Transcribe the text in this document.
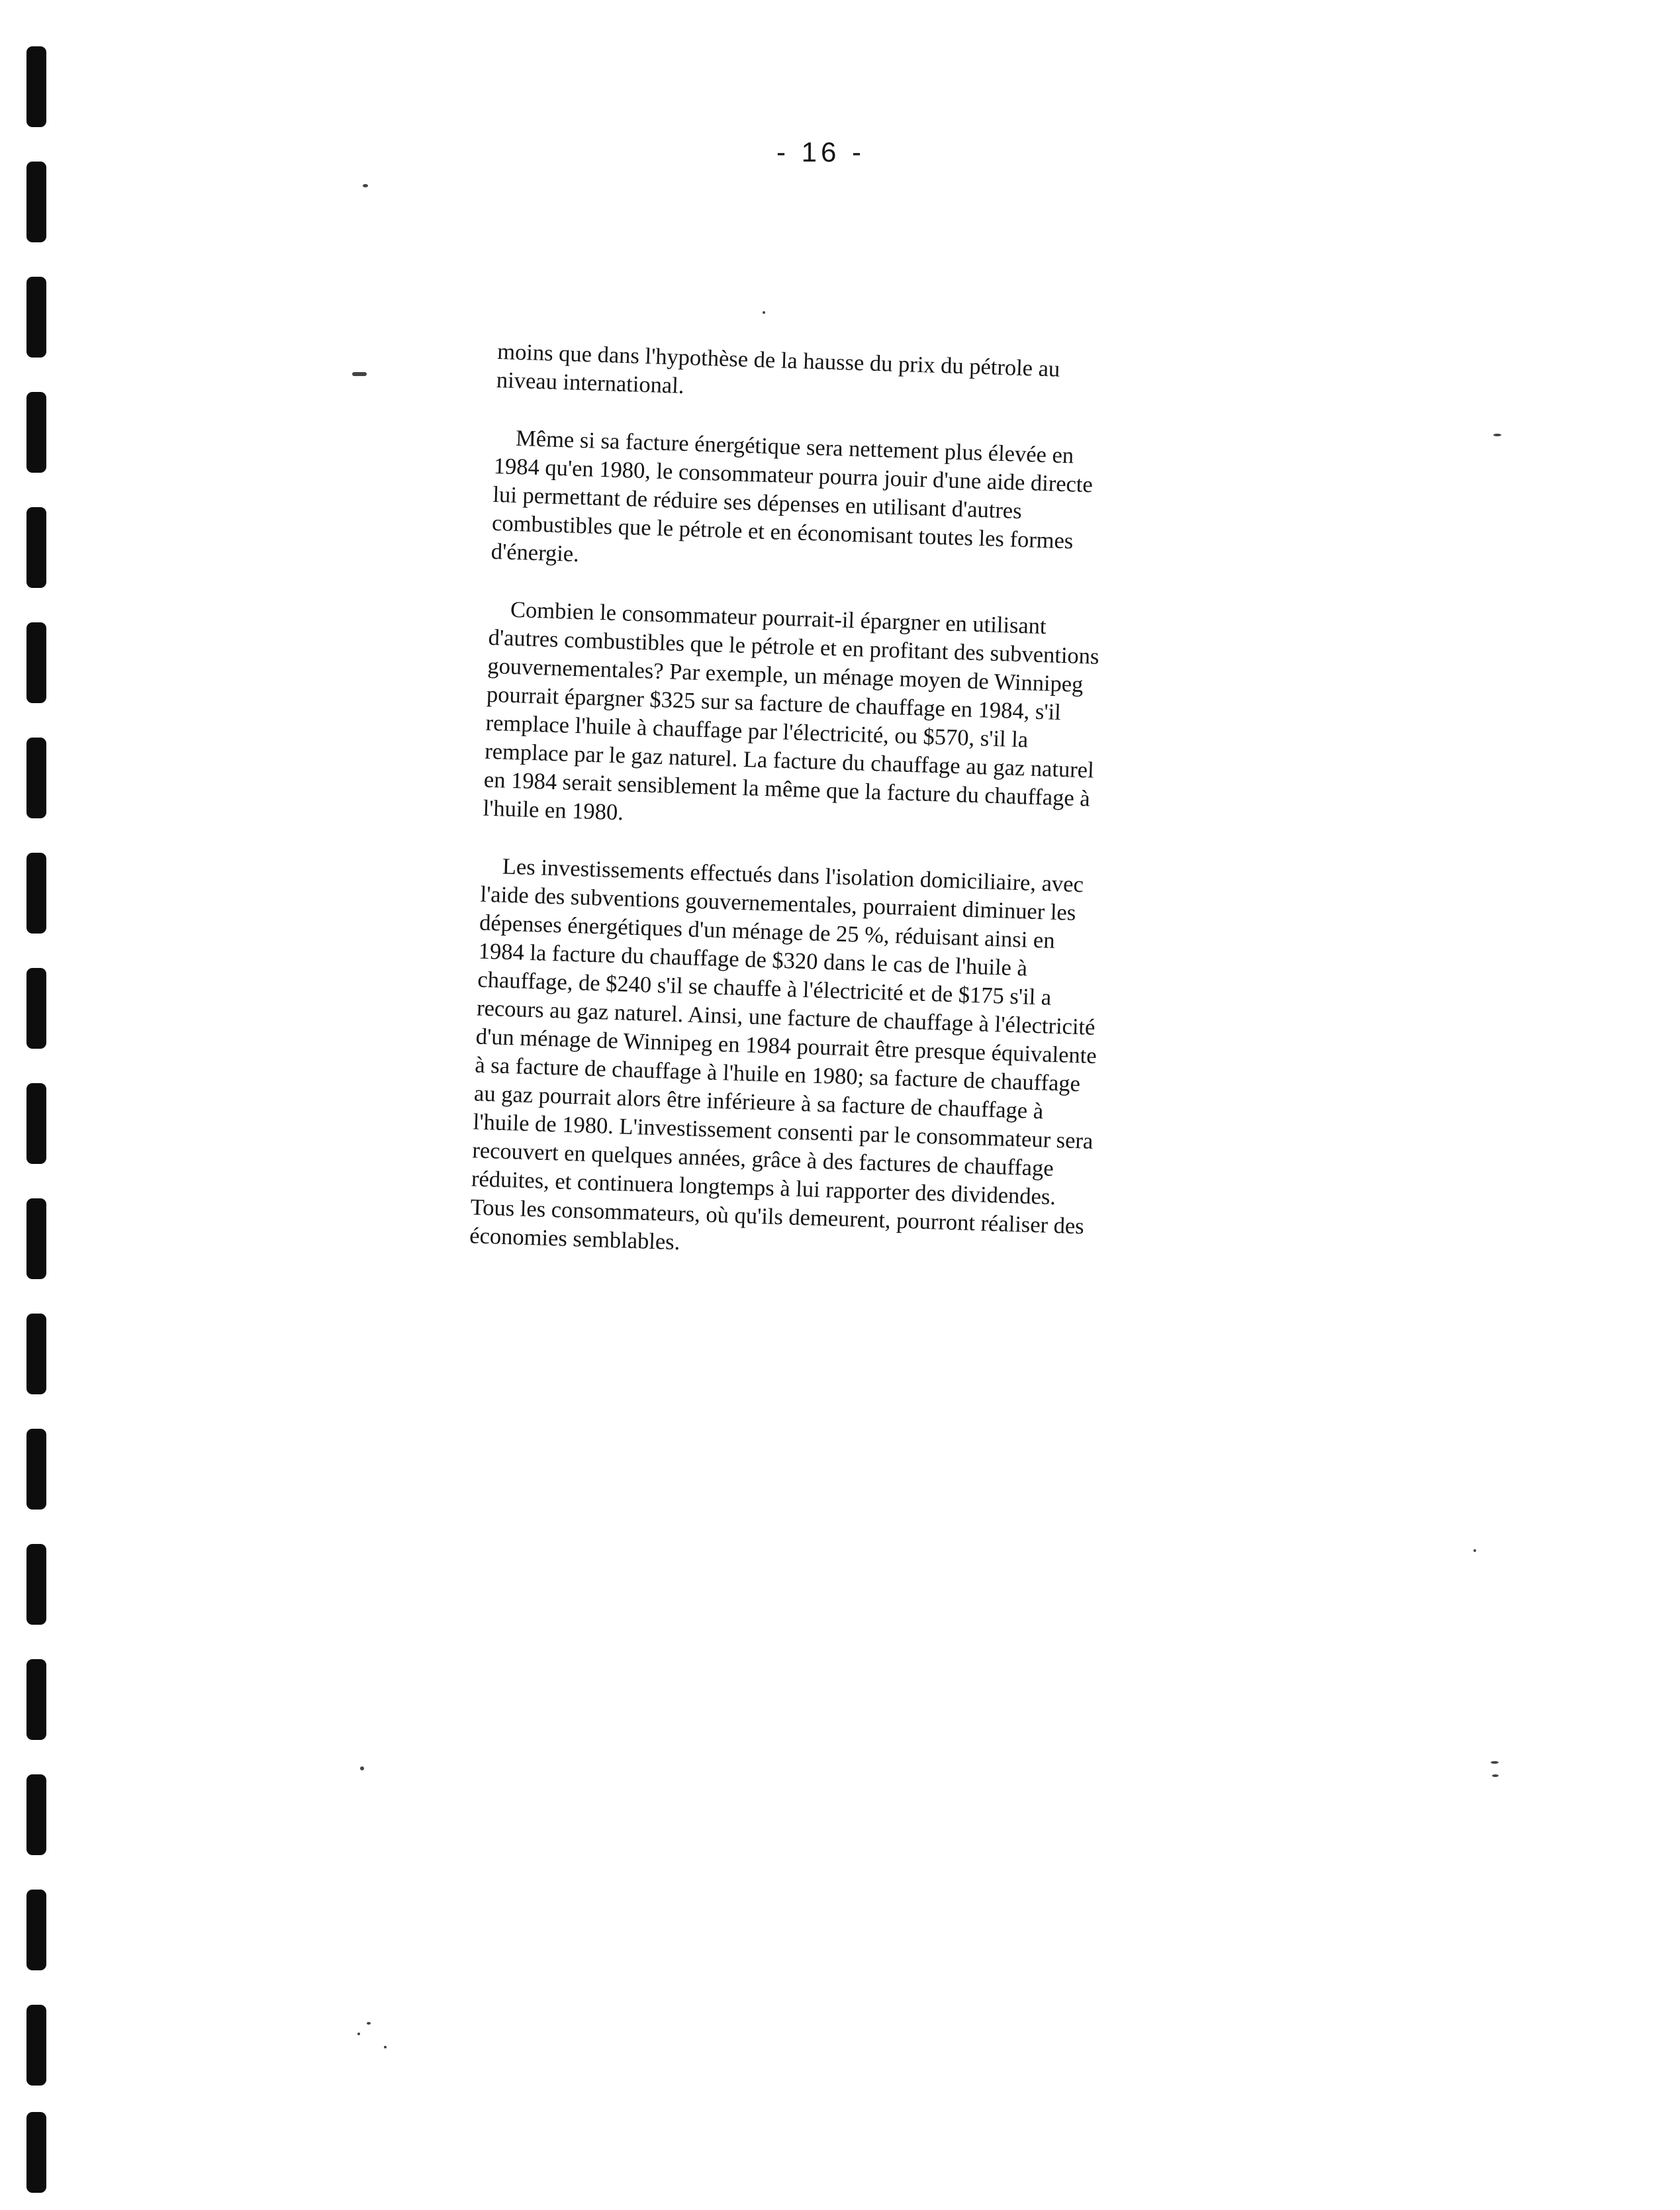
- 16 -

moins que dans l'hypothèse de la hausse du prix du pétrole au niveau international.

Même si sa facture énergétique sera nettement plus élevée en 1984 qu'en 1980, le consommateur pourra jouir d'une aide directe lui permettant de réduire ses dépenses en utilisant d'autres combustibles que le pétrole et en économisant toutes les formes d'énergie.

Combien le consommateur pourrait-il épargner en utilisant d'autres combustibles que le pétrole et en profitant des subventions gouvernementales? Par exemple, un ménage moyen de Winnipeg pourrait épargner $325 sur sa facture de chauffage en 1984, s'il remplace l'huile à chauffage par l'électricité, ou $570, s'il la remplace par le gaz naturel. La facture du chauffage au gaz naturel en 1984 serait sensiblement la même que la facture du chauffage à l'huile en 1980.

Les investissements effectués dans l'isolation domiciliaire, avec l'aide des subventions gouvernementales, pourraient diminuer les dépenses énergétiques d'un ménage de 25 %, réduisant ainsi en 1984 la facture du chauffage de $320 dans le cas de l'huile à chauffage, de $240 s'il se chauffe à l'électricité et de $175 s'il a recours au gaz naturel. Ainsi, une facture de chauffage à l'électricité d'un ménage de Winnipeg en 1984 pourrait être presque équivalente à sa facture de chauffage à l'huile en 1980; sa facture de chauffage au gaz pourrait alors être inférieure à sa facture de chauffage à l'huile de 1980. L'investissement consenti par le consommateur sera recouvert en quelques années, grâce à des factures de chauffage réduites, et continuera longtemps à lui rapporter des dividendes. Tous les consommateurs, où qu'ils demeurent, pourront réaliser des économies semblables.
